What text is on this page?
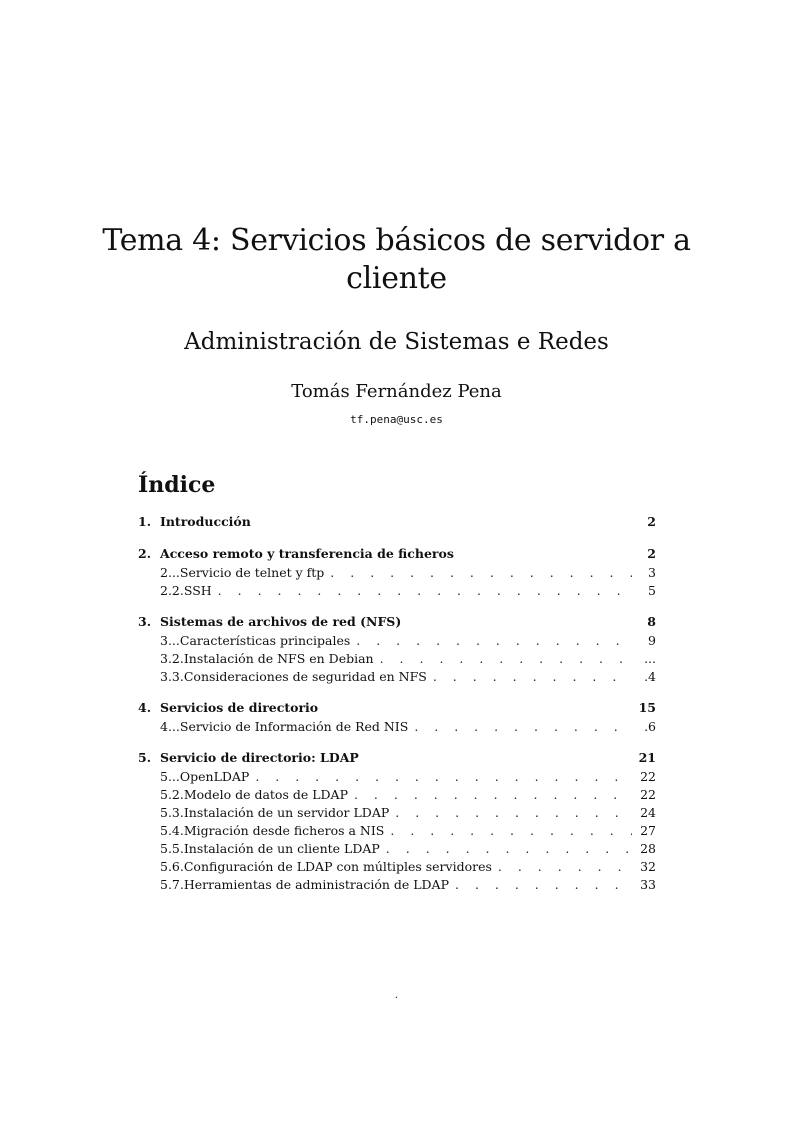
Tema 4: Servicios básicos de servidor a
cliente
Administración de Sistemas e Redes
Tomás Fernández Pena
tf.pena@usc.es
Índice
1. Introducción	2
2. Acceso remoto y transferencia de ficheros	2
2... Servicio de telnet y ftp . . .	3
2.2. SSH . . .	5
3. Sistemas de archivos de red (NFS)	8
3... Características principales . . .	9
3.2. Instalación de NFS en Debian . . .	...
3.3. Consideraciones de seguridad en NFS . . .	.4
4. Servicios de directorio	15
4... Servicio de Información de Red NIS . . .	.6
5. Servicio de directorio: LDAP	21
5... OpenLDAP . . .	22
5.2. Modelo de datos de LDAP . . .	22
5.3. Instalación de un servidor LDAP . . .	24
5.4. Migración desde ficheros a NIS . . .	27
5.5. Instalación de un cliente LDAP . . .	28
5.6. Configuración de LDAP con múltiples servidores . . .	32
5.7. Herramientas de administración de LDAP . . .	33
.
